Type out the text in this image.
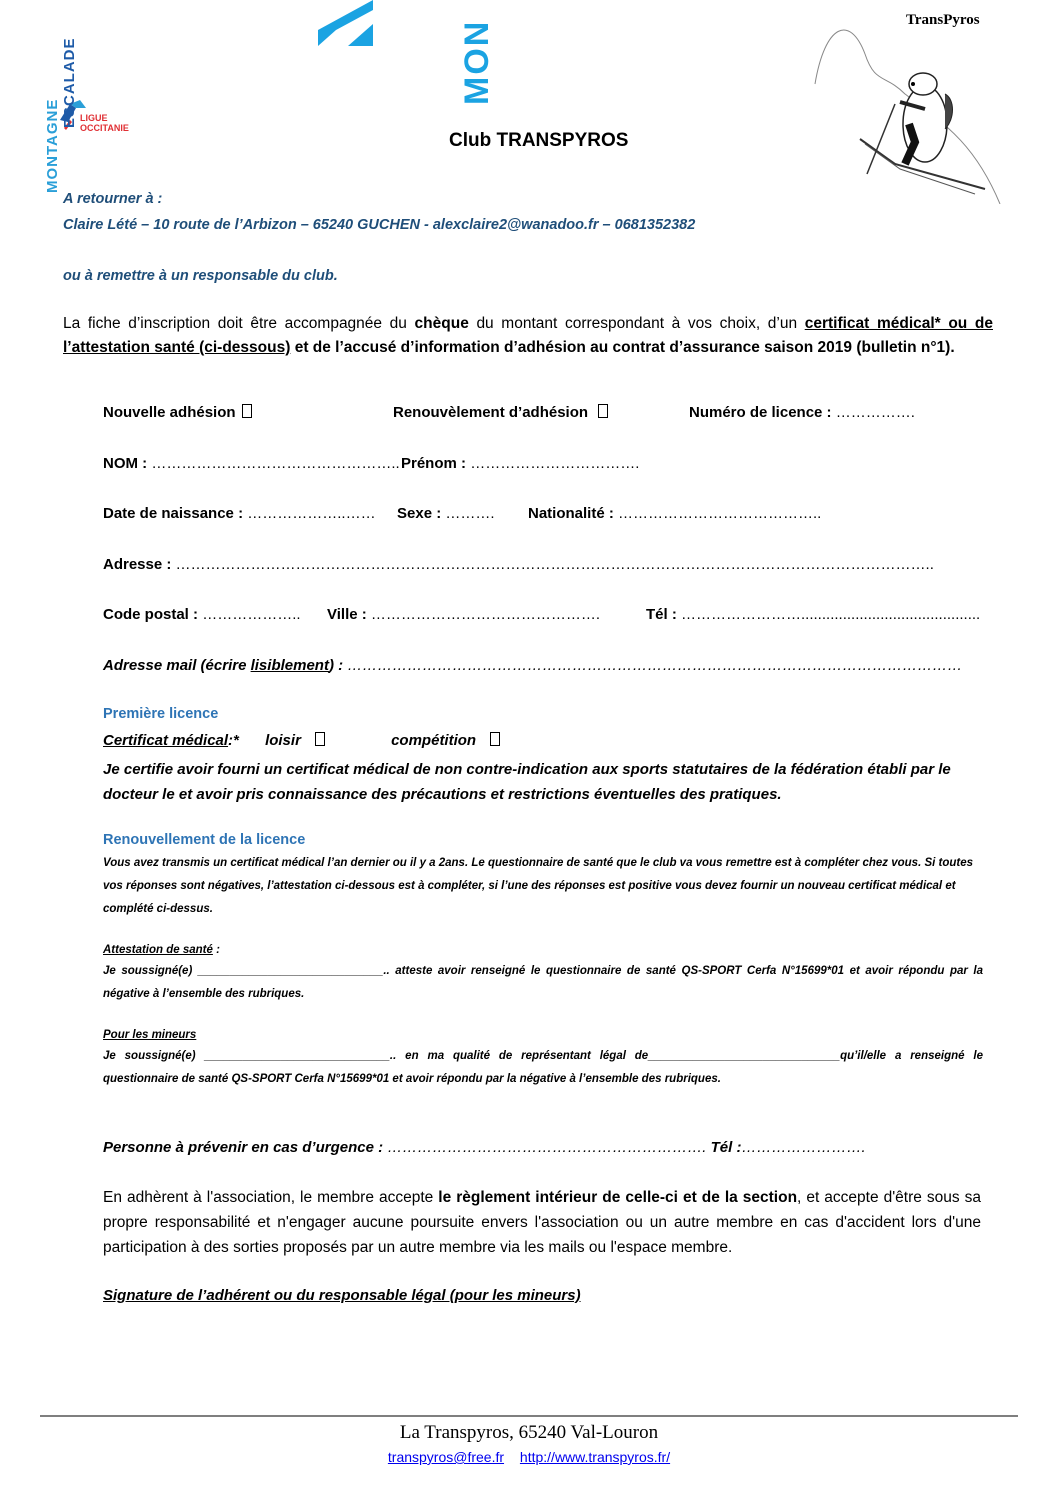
MONTAGNE
ESCALADE LIGUE
OCCITANIE
MON	TransPyros
Club TRANSPYROS
A retourner à :
Claire Lété – 10 route de l’Arbizon – 65240 GUCHEN - alexclaire2@wanadoo.fr – 0681352382
ou à remettre à un responsable du club.
La fiche d’inscription doit être accompagnée du chèque du montant correspondant à vos choix, d’un certificat médical* ou de l’attestation santé (ci-dessous) et de l’accusé d’information d’adhésion au contrat d’assurance saison 2019 (bulletin n°1).
Nouvelle adhésion	Renouvèlement d’adhésion	Numéro de licence : …………….
NOM : ………………………………………….. Prénom : …………………………….
Date de naissance : ………………..…… Sexe : ………. Nationalité : …………………………………..
Adresse : ……………………………………………………………………………………………………………………………………..
Code postal : ……………….. Ville : ……………………………………….	Tél : ……………………...........................................
Adresse mail (écrire lisiblement) : ……………………………………………………………………………………………………………
Première licence
Certificat médical:* loisir	compétition
Je certifie avoir fourni un certificat médical de non contre-indication aux sports statutaires de la fédération établi par le docteur le et avoir pris connaissance des précautions et restrictions éventuelles des pratiques.
Renouvellement de la licence
Vous avez transmis un certificat médical l’an dernier ou il y a 2ans. Le questionnaire de santé que le club va vous remettre est à compléter chez vous. Si toutes vos réponses sont négatives, l’attestation ci-dessous est à compléter, si l’une des réponses est positive vous devez fournir un nouveau certificat médical et complété ci-dessus.
Attestation de santé :
Je soussigné(e) _____________________________.. atteste avoir renseigné le questionnaire de santé QS-SPORT Cerfa N°15699*01 et avoir répondu par la négative à l’ensemble des rubriques.
Pour les mineurs
Je soussigné(e) _____________________________.. en ma qualité de représentant légal de______________________________qu’il/elle a renseigné le questionnaire de santé QS-SPORT Cerfa N°15699*01 et avoir répondu par la négative à l’ensemble des rubriques.
Personne à prévenir en cas d’urgence : ………………………………………………………. Tél :…………………….
En adhèrent à l'association, le membre accepte le règlement intérieur de celle-ci et de la section, et accepte d'être sous sa propre responsabilité et n'engager aucune poursuite envers l'association ou un autre membre en cas d'accident lors d'une participation à des sorties proposés par un autre membre via les mails ou l'espace membre.
Signature de l’adhérent ou du responsable légal (pour les mineurs)
La Transpyros, 65240 Val-Louron
transpyros@free.fr http://www.transpyros.fr/
